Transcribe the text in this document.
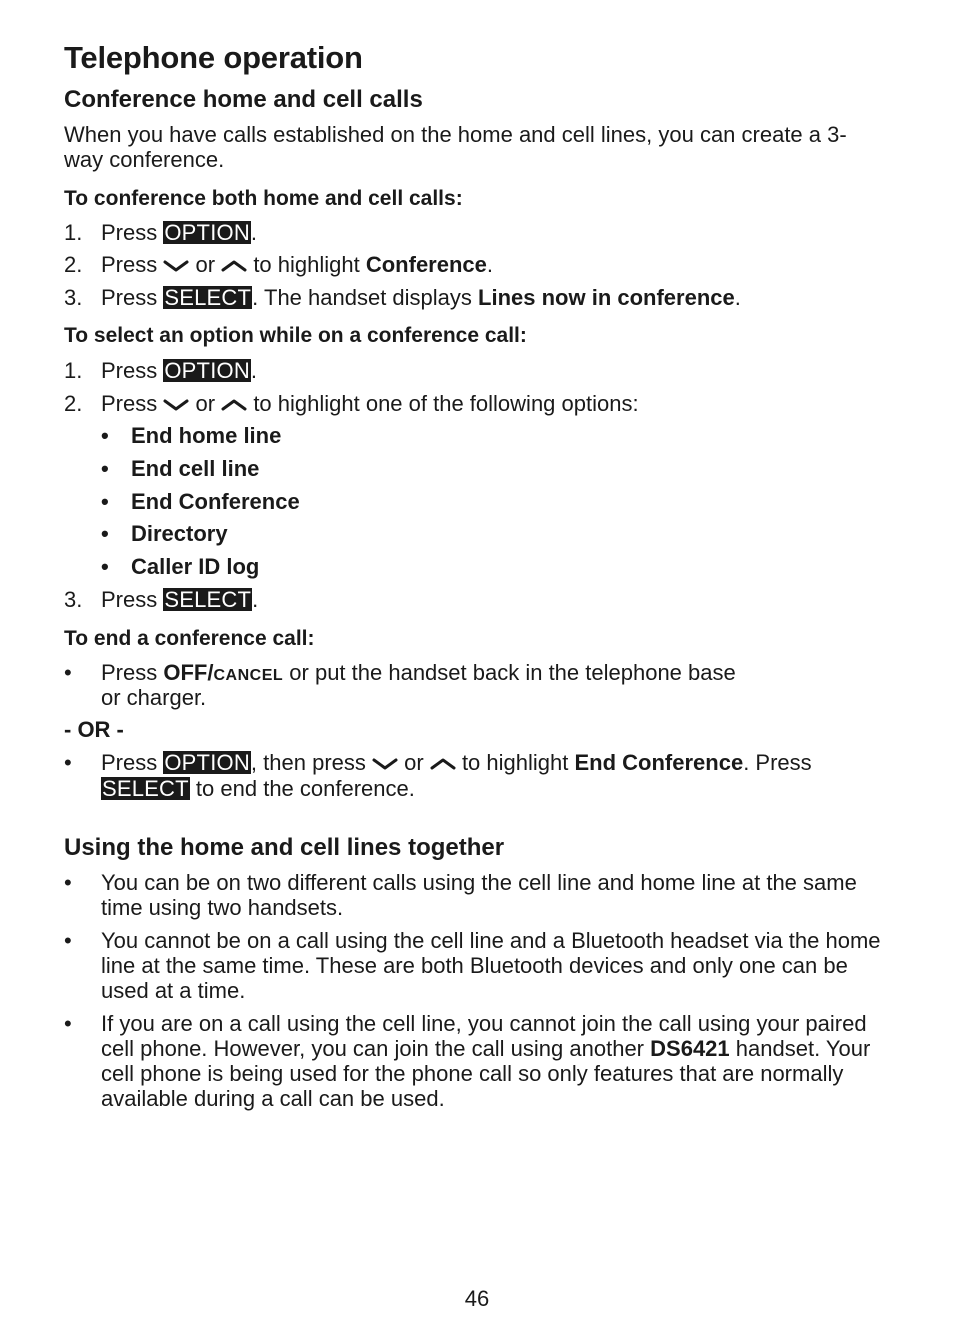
Telephone operation
Conference home and cell calls
When you have calls established on the home and cell lines, you can create a 3-way conference.
To conference both home and cell calls:
1. Press OPTION.
2. Press or to highlight Conference.
3. Press SELECT. The handset displays Lines now in conference.
To select an option while on a conference call:
1. Press OPTION.
2. Press or to highlight one of the following options:
• End home line
• End cell line
• End Conference
• Directory
• Caller ID log
3. Press SELECT.
To end a conference call:
• Press OFF/CANCEL or put the handset back in the telephone base
or charger.
- OR -
• Press OPTION, then press or to highlight End Conference. Press
SELECT to end the conference.
Using the home and cell lines together
• You can be on two different calls using the cell line and home line at the same time using two handsets.
• You cannot be on a call using the cell line and a Bluetooth headset via the home line at the same time. These are both Bluetooth devices and only one can be used at a time.
• If you are on a call using the cell line, you cannot join the call using your paired cell phone. However, you can join the call using another DS6421 handset. Your cell phone is being used for the phone call so only features that are normally available during a call can be used.
46
